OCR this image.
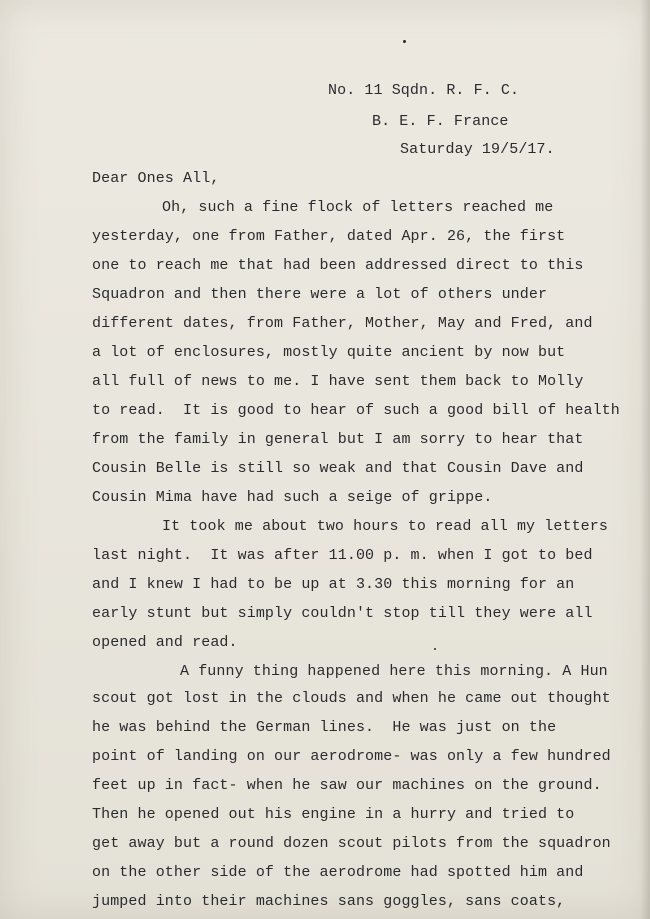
No. 11 Sqdn. R. F. C.
B. E. F. France
Saturday 19/5/17.
Dear Ones All,
Oh, such a fine flock of letters reached me
yesterday, one from Father, dated Apr. 26, the first
one to reach me that had been addressed direct to this
Squadron and then there were a lot of others under
different dates, from Father, Mother, May and Fred, and
a lot of enclosures, mostly quite ancient by now but
all full of news to me. I have sent them back to Molly
to read.  It is good to hear of such a good bill of health
from the family in general but I am sorry to hear that
Cousin Belle is still so weak and that Cousin Dave and
Cousin Mima have had such a seige of grippe.
It took me about two hours to read all my letters
last night.  It was after 11.00 p. m. when I got to bed
and I knew I had to be up at 3.30 this morning for an
early stunt but simply couldn't stop till they were all
opened and read.
A funny thing happened here this morning. A Hun
scout got lost in the clouds and when he came out thought
he was behind the German lines.  He was just on the
point of landing on our aerodrome- was only a few hundred
feet up in fact- when he saw our machines on the ground.
Then he opened out his engine in a hurry and tried to
get away but a round dozen scout pilots from the squadron
on the other side of the aerodrome had spotted him and
jumped into their machines sans goggles, sans coats,
